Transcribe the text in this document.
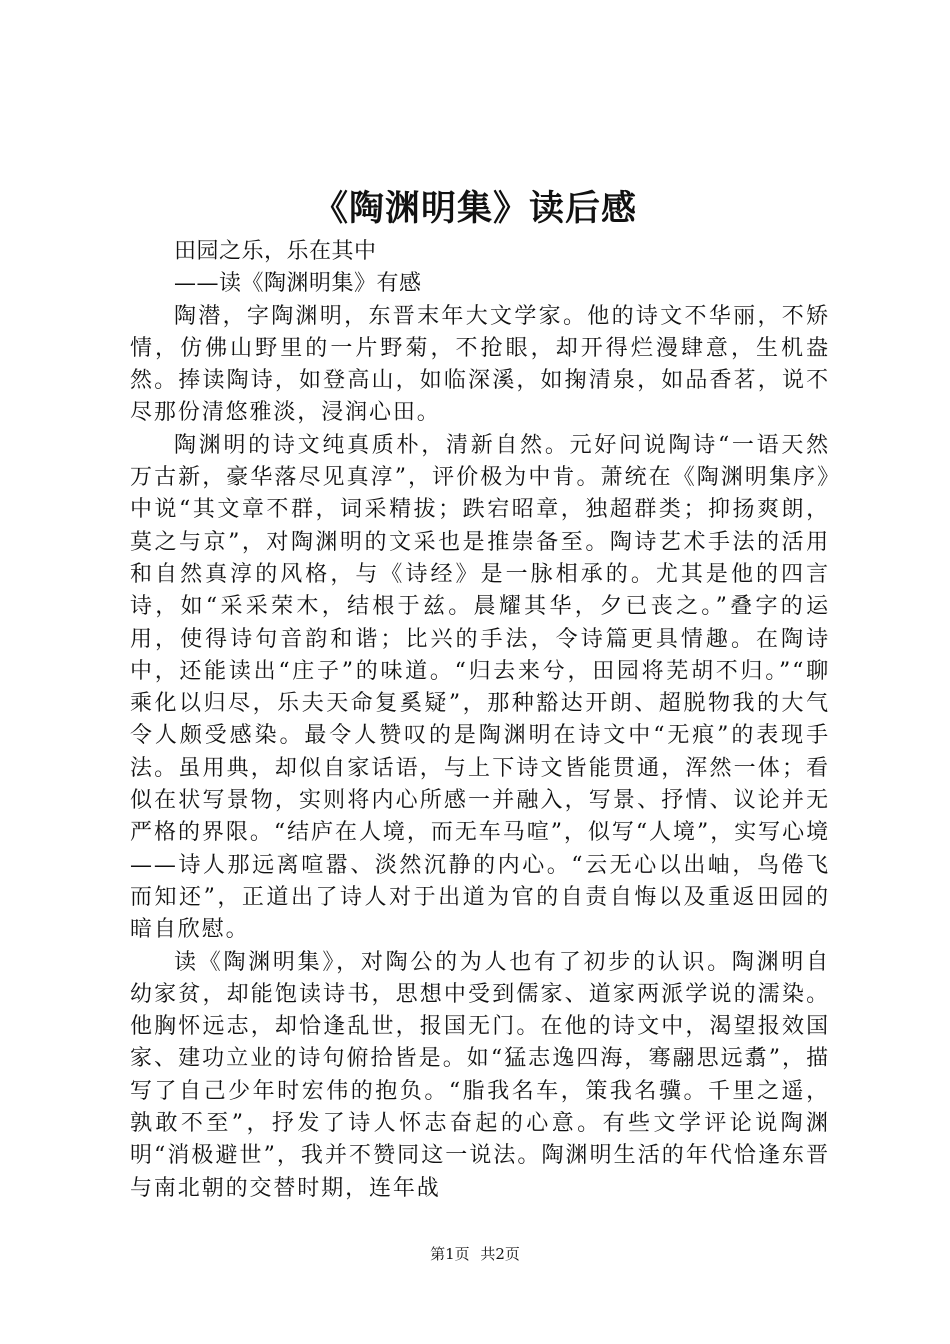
《陶渊明集》读后感

田园之乐，乐在其中

——读《陶渊明集》有感

陶潜，字陶渊明，东晋末年大文学家。他的诗文不华丽，不矫情，仿佛山野里的一片野菊，不抢眼，却开得烂漫肆意，生机盎然。捧读陶诗，如登高山，如临深溪，如掬清泉，如品香茗，说不尽那份清悠雅淡，浸润心田。

陶渊明的诗文纯真质朴，清新自然。元好问说陶诗“一语天然万古新，豪华落尽见真淳”，评价极为中肯。萧统在《陶渊明集序》中说“其文章不群，词采精拔；跌宕昭章，独超群类；抑扬爽朗，莫之与京”，对陶渊明的文采也是推崇备至。陶诗艺术手法的活用和自然真淳的风格，与《诗经》是一脉相承的。尤其是他的四言诗，如“采采荣木，结根于兹。晨耀其华，夕已丧之。”叠字的运用，使得诗句音韵和谐；比兴的手法，令诗篇更具情趣。在陶诗中，还能读出“庄子”的味道。“归去来兮，田园将芜胡不归。”“聊乘化以归尽，乐夫天命复奚疑”，那种豁达开朗、超脱物我的大气令人颇受感染。最令人赞叹的是陶渊明在诗文中“无痕”的表现手法。虽用典，却似自家话语，与上下诗文皆能贯通，浑然一体；看似在状写景物，实则将内心所感一并融入，写景、抒情、议论并无严格的界限。“结庐在人境，而无车马喧”，似写“人境”，实写心境——诗人那远离喧嚣、淡然沉静的内心。“云无心以出岫，鸟倦飞而知还”，正道出了诗人对于出道为官的自责自悔以及重返田园的暗自欣慰。

读《陶渊明集》，对陶公的为人也有了初步的认识。陶渊明自幼家贫，却能饱读诗书，思想中受到儒家、道家两派学说的濡染。他胸怀远志，却恰逢乱世，报国无门。在他的诗文中，渴望报效国家、建功立业的诗句俯拾皆是。如“猛志逸四海，骞翮思远翥”，描写了自己少年时宏伟的抱负。“脂我名车，策我名骥。千里之遥，孰敢不至”，抒发了诗人怀志奋起的心意。有些文学评论说陶渊明“消极避世”，我并不赞同这一说法。陶渊明生活的年代恰逢东晋与南北朝的交替时期，连年战

第1页 共2页
